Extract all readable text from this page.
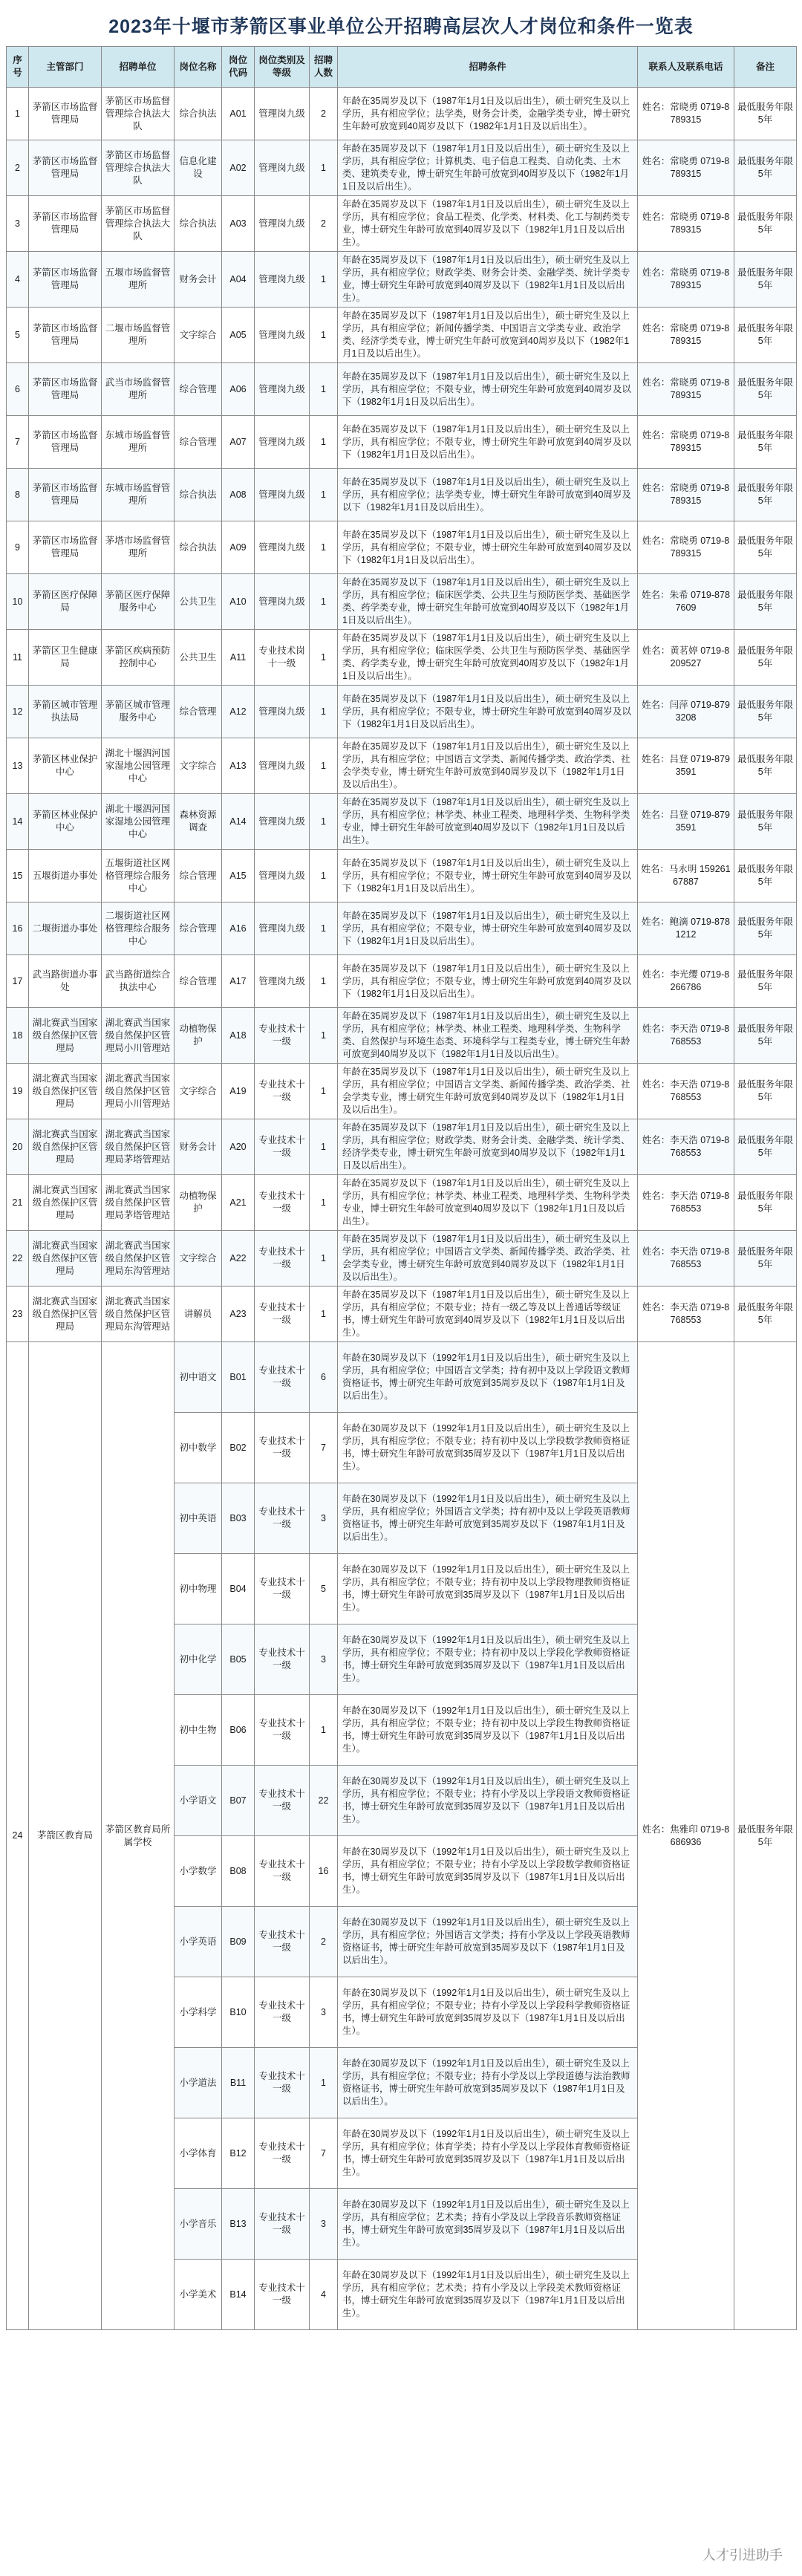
2023年十堰市茅箭区事业单位公开招聘高层次人才岗位和条件一览表
序号	主管部门	招聘单位	岗位名称	岗位代码	岗位类别及等级	招聘人数	招聘条件	联系人及联系电话	备注
1	茅箭区市场监督管理局	茅箭区市场监督管理综合执法大队	综合执法	A01	管理岗九级	2	年龄在35周岁及以下（1987年1月1日及以后出生），硕士研究生及以上学历，具有相应学位；法学类，财务会计类，金融学类专业，博士研究生年龄可放宽到40周岁及以下（1982年1月1日及以后出生）。	姓名：常晓勇 0719-8789315	最低服务年限5年
2	茅箭区市场监督管理局	茅箭区市场监督管理综合执法大队	信息化建设	A02	管理岗九级	1	年龄在35周岁及以下（1987年1月1日及以后出生），硕士研究生及以上学历，具有相应学位；计算机类、电子信息工程类、自动化类、土木类、建筑类专业，博士研究生年龄可放宽到40周岁及以下（1982年1月1日及以后出生）。	姓名：常晓勇 0719-8789315	最低服务年限5年
3	茅箭区市场监督管理局	茅箭区市场监督管理综合执法大队	综合执法	A03	管理岗九级	2	年龄在35周岁及以下（1987年1月1日及以后出生），硕士研究生及以上学历，具有相应学位；食品工程类、化学类、材料类、化工与制药类专业，博士研究生年龄可放宽到40周岁及以下（1982年1月1日及以后出生）。	姓名：常晓勇 0719-8789315	最低服务年限5年
4	茅箭区市场监督管理局	五堰市场监督管理所	财务会计	A04	管理岗九级	1	年龄在35周岁及以下（1987年1月1日及以后出生），硕士研究生及以上学历，具有相应学位；财政学类、财务会计类、金融学类、统计学类专业，博士研究生年龄可放宽到40周岁及以下（1982年1月1日及以后出生）。	姓名：常晓勇 0719-8789315	最低服务年限5年
5	茅箭区市场监督管理局	二堰市场监督管理所	文字综合	A05	管理岗九级	1	年龄在35周岁及以下（1987年1月1日及以后出生），硕士研究生及以上学历，具有相应学位；新闻传播学类、中国语言文学类专业、政治学类、经济学类专业，博士研究生年龄可放宽到40周岁及以下（1982年1月1日及以后出生）。	姓名：常晓勇 0719-8789315	最低服务年限5年
6	茅箭区市场监督管理局	武当市场监督管理所	综合管理	A06	管理岗九级	1	年龄在35周岁及以下（1987年1月1日及以后出生），硕士研究生及以上学历，具有相应学位；不限专业，博士研究生年龄可放宽到40周岁及以下（1982年1月1日及以后出生）。	姓名：常晓勇 0719-8789315	最低服务年限5年
7	茅箭区市场监督管理局	东城市场监督管理所	综合管理	A07	管理岗九级	1	年龄在35周岁及以下（1987年1月1日及以后出生），硕士研究生及以上学历，具有相应学位；不限专业，博士研究生年龄可放宽到40周岁及以下（1982年1月1日及以后出生）。	姓名：常晓勇 0719-8789315	最低服务年限5年
8	茅箭区市场监督管理局	东城市场监督管理所	综合执法	A08	管理岗九级	1	年龄在35周岁及以下（1987年1月1日及以后出生），硕士研究生及以上学历，具有相应学位；法学类专业，博士研究生年龄可放宽到40周岁及以下（1982年1月1日及以后出生）。	姓名：常晓勇 0719-8789315	最低服务年限5年
9	茅箭区市场监督管理局	茅塔市场监督管理所	综合执法	A09	管理岗九级	1	年龄在35周岁及以下（1987年1月1日及以后出生），硕士研究生及以上学历，具有相应学位；不限专业，博士研究生年龄可放宽到40周岁及以下（1982年1月1日及以后出生）。	姓名：常晓勇 0719-8789315	最低服务年限5年
10	茅箭区医疗保障局	茅箭区医疗保障服务中心	公共卫生	A10	管理岗九级	1	年龄在35周岁及以下（1987年1月1日及以后出生），硕士研究生及以上学历，具有相应学位；临床医学类、公共卫生与预防医学类、基础医学类、药学类专业，博士研究生年龄可放宽到40周岁及以下（1982年1月1日及以后出生）。	姓名：朱希 0719-8787609	最低服务年限5年
11	茅箭区卫生健康局	茅箭区疾病预防控制中心	公共卫生	A11	专业技术岗十一级	1	年龄在35周岁及以下（1987年1月1日及以后出生），硕士研究生及以上学历，具有相应学位；临床医学类、公共卫生与预防医学类、基础医学类、药学类专业，博士研究生年龄可放宽到40周岁及以下（1982年1月1日及以后出生）。	姓名：黄茗婷 0719-8209527	最低服务年限5年
12	茅箭区城市管理执法局	茅箭区城市管理服务中心	综合管理	A12	管理岗九级	1	年龄在35周岁及以下（1987年1月1日及以后出生），硕士研究生及以上学历，具有相应学位；不限专业，博士研究生年龄可放宽到40周岁及以下（1982年1月1日及以后出生）。	姓名：闫萍 0719-8793208	最低服务年限5年
13	茅箭区林业保护中心	湖北十堰泗河国家湿地公园管理中心	文字综合	A13	管理岗九级	1	年龄在35周岁及以下（1987年1月1日及以后出生），硕士研究生及以上学历，具有相应学位；中国语言文学类、新闻传播学类、政治学类、社会学类专业，博士研究生年龄可放宽到40周岁及以下（1982年1月1日及以后出生）。	姓名：吕登 0719-8793591	最低服务年限5年
14	茅箭区林业保护中心	湖北十堰泗河国家湿地公园管理中心	森林资源调查	A14	管理岗九级	1	年龄在35周岁及以下（1987年1月1日及以后出生），硕士研究生及以上学历，具有相应学位；林学类、林业工程类、地理科学类、生物科学类专业，博士研究生年龄可放宽到40周岁及以下（1982年1月1日及以后出生）。	姓名：吕登 0719-8793591	最低服务年限5年
15	五堰街道办事处	五堰街道社区网格管理综合服务中心	综合管理	A15	管理岗九级	1	年龄在35周岁及以下（1987年1月1日及以后出生），硕士研究生及以上学历，具有相应学位；不限专业，博士研究生年龄可放宽到40周岁及以下（1982年1月1日及以后出生）。	姓名：马永明 15926167887	最低服务年限5年
16	二堰街道办事处	二堰街道社区网格管理综合服务中心	综合管理	A16	管理岗九级	1	年龄在35周岁及以下（1987年1月1日及以后出生），硕士研究生及以上学历，具有相应学位；不限专业，博士研究生年龄可放宽到40周岁及以下（1982年1月1日及以后出生）。	姓名：鲍滴 0719-8781212	最低服务年限5年
17	武当路街道办事处	武当路街道综合执法中心	综合管理	A17	管理岗九级	1	年龄在35周岁及以下（1987年1月1日及以后出生），硕士研究生及以上学历，具有相应学位；不限专业，博士研究生年龄可放宽到40周岁及以下（1982年1月1日及以后出生）。	姓名：李光缨 0719-8266786	最低服务年限5年
18	湖北赛武当国家级自然保护区管理局	湖北赛武当国家级自然保护区管理局小川管理站	动植物保护	A18	专业技术十一级	1	年龄在35周岁及以下（1987年1月1日及以后出生），硕士研究生及以上学历，具有相应学位；林学类、林业工程类、地理科学类、生物科学类、自然保护与环境生态类、环境科学与工程类专业，博士研究生年龄可放宽到40周岁及以下（1982年1月1日及以后出生）。	姓名：李天浩 0719-8768553	最低服务年限5年
19	湖北赛武当国家级自然保护区管理局	湖北赛武当国家级自然保护区管理局小川管理站	文字综合	A19	专业技术十一级	1	年龄在35周岁及以下（1987年1月1日及以后出生），硕士研究生及以上学历，具有相应学位；中国语言文学类、新闻传播学类、政治学类、社会学类专业，博士研究生年龄可放宽到40周岁及以下（1982年1月1日及以后出生）。	姓名：李天浩 0719-8768553	最低服务年限5年
20	湖北赛武当国家级自然保护区管理局	湖北赛武当国家级自然保护区管理局茅塔管理站	财务会计	A20	专业技术十一级	1	年龄在35周岁及以下（1987年1月1日及以后出生），硕士研究生及以上学历，具有相应学位；财政学类、财务会计类、金融学类、统计学类、经济学类专业，博士研究生年龄可放宽到40周岁及以下（1982年1月1日及以后出生）。	姓名：李天浩 0719-8768553	最低服务年限5年
21	湖北赛武当国家级自然保护区管理局	湖北赛武当国家级自然保护区管理局茅塔管理站	动植物保护	A21	专业技术十一级	1	年龄在35周岁及以下（1987年1月1日及以后出生），硕士研究生及以上学历，具有相应学位；林学类、林业工程类、地理科学类、生物科学类专业，博士研究生年龄可放宽到40周岁及以下（1982年1月1日及以后出生）。	姓名：李天浩 0719-8768553	最低服务年限5年
22	湖北赛武当国家级自然保护区管理局	湖北赛武当国家级自然保护区管理局东沟管理站	文字综合	A22	专业技术十一级	1	年龄在35周岁及以下（1987年1月1日及以后出生），硕士研究生及以上学历，具有相应学位；中国语言文学类、新闻传播学类、政治学类、社会学类专业，博士研究生年龄可放宽到40周岁及以下（1982年1月1日及以后出生）。	姓名：李天浩 0719-8768553	最低服务年限5年
23	湖北赛武当国家级自然保护区管理局	湖北赛武当国家级自然保护区管理局东沟管理站	讲解员	A23	专业技术十一级	1	年龄在35周岁及以下（1987年1月1日及以后出生），硕士研究生及以上学历，具有相应学位；不限专业；持有一级乙等及以上普通话等级证书，博士研究生年龄可放宽到40周岁及以下（1982年1月1日及以后出生）。	姓名：李天浩 0719-8768553	最低服务年限5年
24	茅箭区教育局	茅箭区教育局所属学校	初中语文	B01	专业技术十一级	6	年龄在30周岁及以下（1992年1月1日及以后出生），硕士研究生及以上学历，具有相应学位；中国语言文学类；持有初中及以上学段语文教师资格证书，博士研究生年龄可放宽到35周岁及以下（1987年1月1日及以后出生）。	姓名：焦雅印 0719-8686936	最低服务年限5年
			初中数学	B02	专业技术十一级	7	年龄在30周岁及以下（1992年1月1日及以后出生），硕士研究生及以上学历，具有相应学位；不限专业；持有初中及以上学段数学教师资格证书，博士研究生年龄可放宽到35周岁及以下（1987年1月1日及以后出生）。		
			初中英语	B03	专业技术十一级	3	年龄在30周岁及以下（1992年1月1日及以后出生），硕士研究生及以上学历，具有相应学位；外国语言文学类；持有初中及以上学段英语教师资格证书，博士研究生年龄可放宽到35周岁及以下（1987年1月1日及以后出生）。		
			初中物理	B04	专业技术十一级	5	年龄在30周岁及以下（1992年1月1日及以后出生），硕士研究生及以上学历，具有相应学位；不限专业；持有初中及以上学段物理教师资格证书，博士研究生年龄可放宽到35周岁及以下（1987年1月1日及以后出生）。		
			初中化学	B05	专业技术十一级	3	年龄在30周岁及以下（1992年1月1日及以后出生），硕士研究生及以上学历，具有相应学位；不限专业；持有初中及以上学段化学教师资格证书，博士研究生年龄可放宽到35周岁及以下（1987年1月1日及以后出生）。		
			初中生物	B06	专业技术十一级	1	年龄在30周岁及以下（1992年1月1日及以后出生），硕士研究生及以上学历，具有相应学位；不限专业；持有初中及以上学段生物教师资格证书，博士研究生年龄可放宽到35周岁及以下（1987年1月1日及以后出生）。		
			小学语文	B07	专业技术十一级	22	年龄在30周岁及以下（1992年1月1日及以后出生），硕士研究生及以上学历，具有相应学位；不限专业；持有小学及以上学段语文教师资格证书，博士研究生年龄可放宽到35周岁及以下（1987年1月1日及以后出生）。		
			小学数学	B08	专业技术十一级	16	年龄在30周岁及以下（1992年1月1日及以后出生），硕士研究生及以上学历，具有相应学位；不限专业；持有小学及以上学段数学教师资格证书，博士研究生年龄可放宽到35周岁及以下（1987年1月1日及以后出生）。		
			小学英语	B09	专业技术十一级	2	年龄在30周岁及以下（1992年1月1日及以后出生），硕士研究生及以上学历，具有相应学位；外国语言文学类；持有小学及以上学段英语教师资格证书，博士研究生年龄可放宽到35周岁及以下（1987年1月1日及以后出生）。		
			小学科学	B10	专业技术十一级	3	年龄在30周岁及以下（1992年1月1日及以后出生），硕士研究生及以上学历，具有相应学位；不限专业；持有小学及以上学段科学教师资格证书，博士研究生年龄可放宽到35周岁及以下（1987年1月1日及以后出生）。		
			小学道法	B11	专业技术十一级	1	年龄在30周岁及以下（1992年1月1日及以后出生），硕士研究生及以上学历，具有相应学位；不限专业；持有小学及以上学段道德与法治教师资格证书，博士研究生年龄可放宽到35周岁及以下（1987年1月1日及以后出生）。		
			小学体育	B12	专业技术十一级	7	年龄在30周岁及以下（1992年1月1日及以后出生），硕士研究生及以上学历，具有相应学位；体育学类；持有小学及以上学段体育教师资格证书，博士研究生年龄可放宽到35周岁及以下（1987年1月1日及以后出生）。		
			小学音乐	B13	专业技术十一级	3	年龄在30周岁及以下（1992年1月1日及以后出生），硕士研究生及以上学历，具有相应学位；艺术类；持有小学及以上学段音乐教师资格证书，博士研究生年龄可放宽到35周岁及以下（1987年1月1日及以后出生）。		
			小学美术	B14	专业技术十一级	4	年龄在30周岁及以下（1992年1月1日及以后出生），硕士研究生及以上学历，具有相应学位；艺术类；持有小学及以上学段美术教师资格证书，博士研究生年龄可放宽到35周岁及以下（1987年1月1日及以后出生）。		
人才引进助手
